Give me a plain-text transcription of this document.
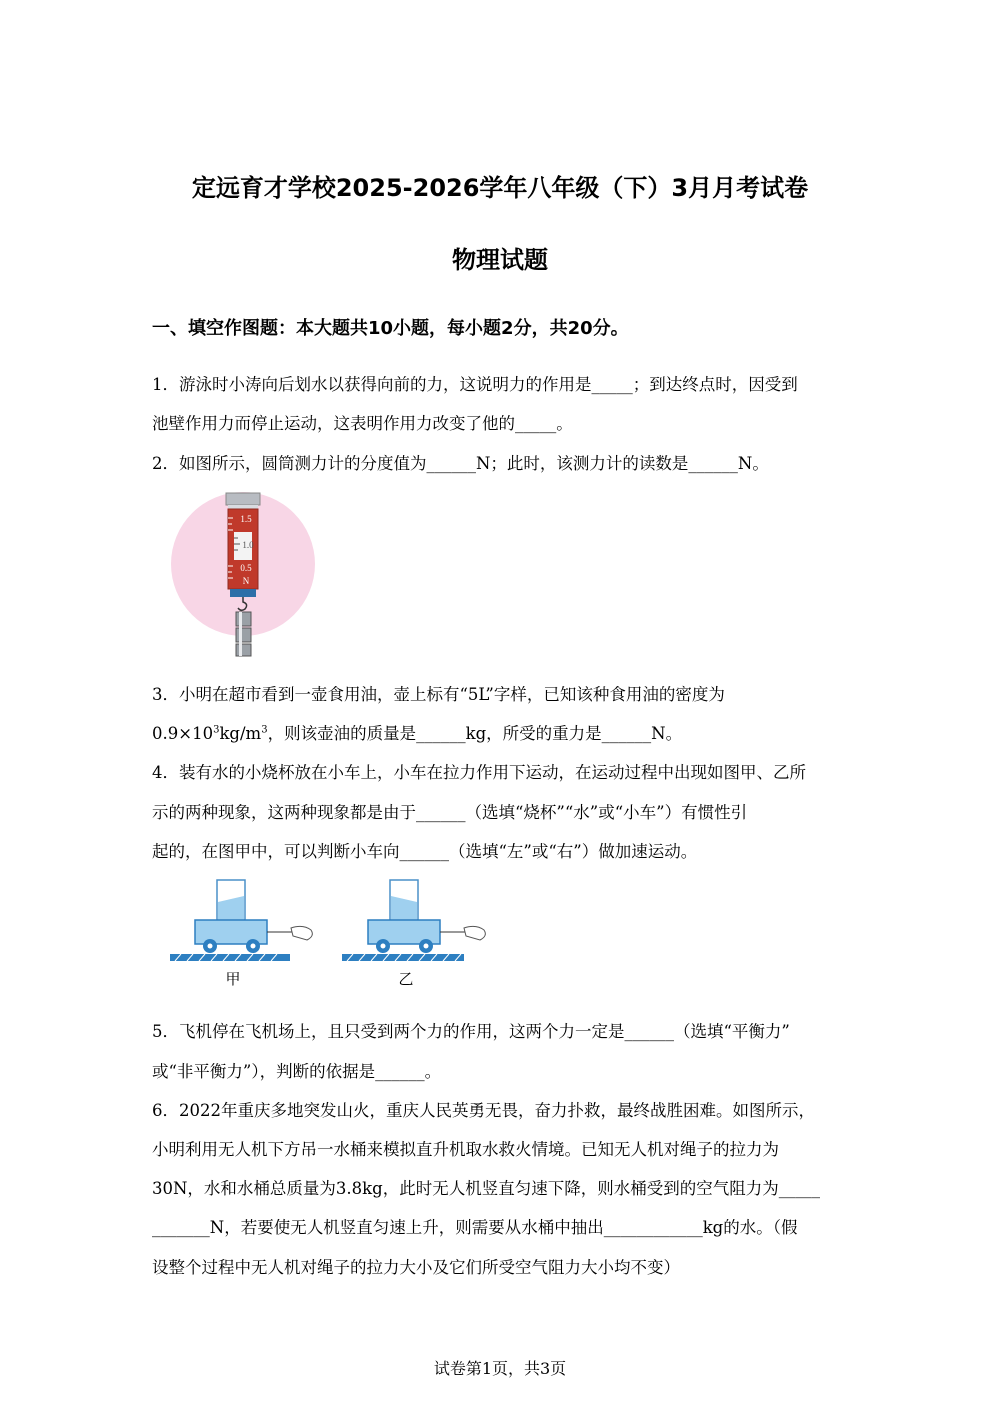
定远育才学校2025-2026学年八年级（下）3月月考试卷
物理试题
一、填空作图题：本大题共10小题，每小题2分，共20分。
1．游泳时小涛向后划水以获得向前的力，这说明力的作用是_____；到达终点时，因受到
池壁作用力而停止运动，这表明作用力改变了他的_____。
2．如图所示，圆筒测力计的分度值为______N；此时，该测力计的读数是______N。
1.5
1.0
0.5
N
3．小明在超市看到一壶食用油，壶上标有“5L”字样，已知该种食用油的密度为
$0.9\times 10^3kg/m^3$，则该壶油的质量是______kg，所受的重力是______N。
4．装有水的小烧杯放在小车上，小车在拉力作用下运动，在运动过程中出现如图甲、乙所
示的两种现象，这两种现象都是由于______（选填“烧杯”“水”或“小车”）有惯性引
起的，在图甲中，可以判断小车向______（选填“左”或“右”）做加速运动。
甲	乙
5．飞机停在飞机场上，且只受到两个力的作用，这两个力一定是______（选填“平衡力”
或“非平衡力”），判断的依据是______。
6．2022年重庆多地突发山火，重庆人民英勇无畏，奋力扑救，最终战胜困难。如图所示，
小明利用无人机下方吊一水桶来模拟直升机取水救火情境。已知无人机对绳子的拉力为
30N，水和水桶总质量为3.8kg，此时无人机竖直匀速下降，则水桶受到的空气阻力为_____
_______N，若要使无人机竖直匀速上升，则需要从水桶中抽出____________kg的水。（假
设整个过程中无人机对绳子的拉力大小及它们所受空气阻力大小均不变）
试卷第1页，共3页
